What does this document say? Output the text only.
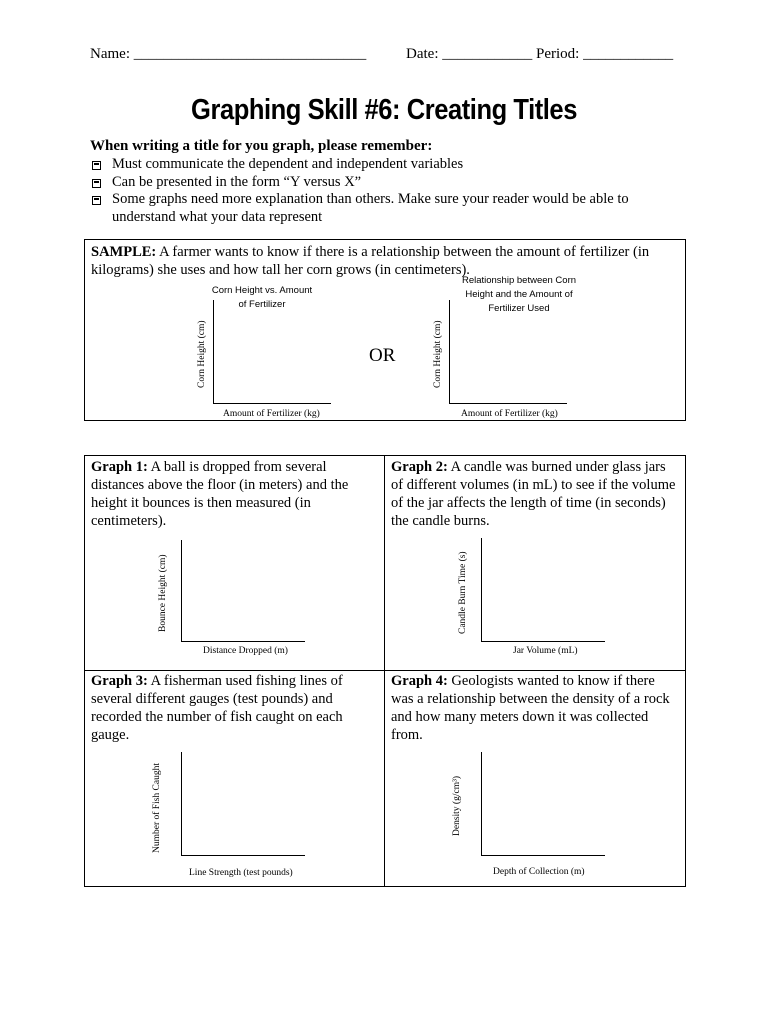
Name: _______________________________	Date: ____________ Period: ____________
Graphing Skill #6: Creating Titles
When writing a title for you graph, please remember:
Must communicate the dependent and independent variables
Can be presented in the form “Y versus X”
Some graphs need more explanation than others. Make sure your reader would be able to understand what your data represent
SAMPLE: A farmer wants to know if there is a relationship between the amount of fertilizer (in kilograms) she uses and how tall her corn grows (in centimeters).
Corn Height vs. Amount
of Fertilizer
Corn Height (cm)
Amount of Fertilizer (kg)
OR
Relationship between Corn
Height and the Amount of
Fertilizer Used
Corn Height (cm)
Amount of Fertilizer (kg)
Graph 1: A ball is dropped from several distances above the floor (in meters) and the height it bounces is then measured (in centimeters).
Bounce Height (cm)
Distance Dropped (m)
Graph 2: A candle was burned under glass jars of different volumes (in mL) to see if the volume of the jar affects the length of time (in seconds) the candle burns.
Candle Burn Time (s)
Jar Volume (mL)
Graph 3: A fisherman used fishing lines of several different gauges (test pounds) and recorded the number of fish caught on each gauge.
Number of Fish Caught
Line Strength (test pounds)
Graph 4: Geologists wanted to know if there was a relationship between the density of a rock and how many meters down it was collected from.
Density (g/cm³)
Depth of Collection (m)
